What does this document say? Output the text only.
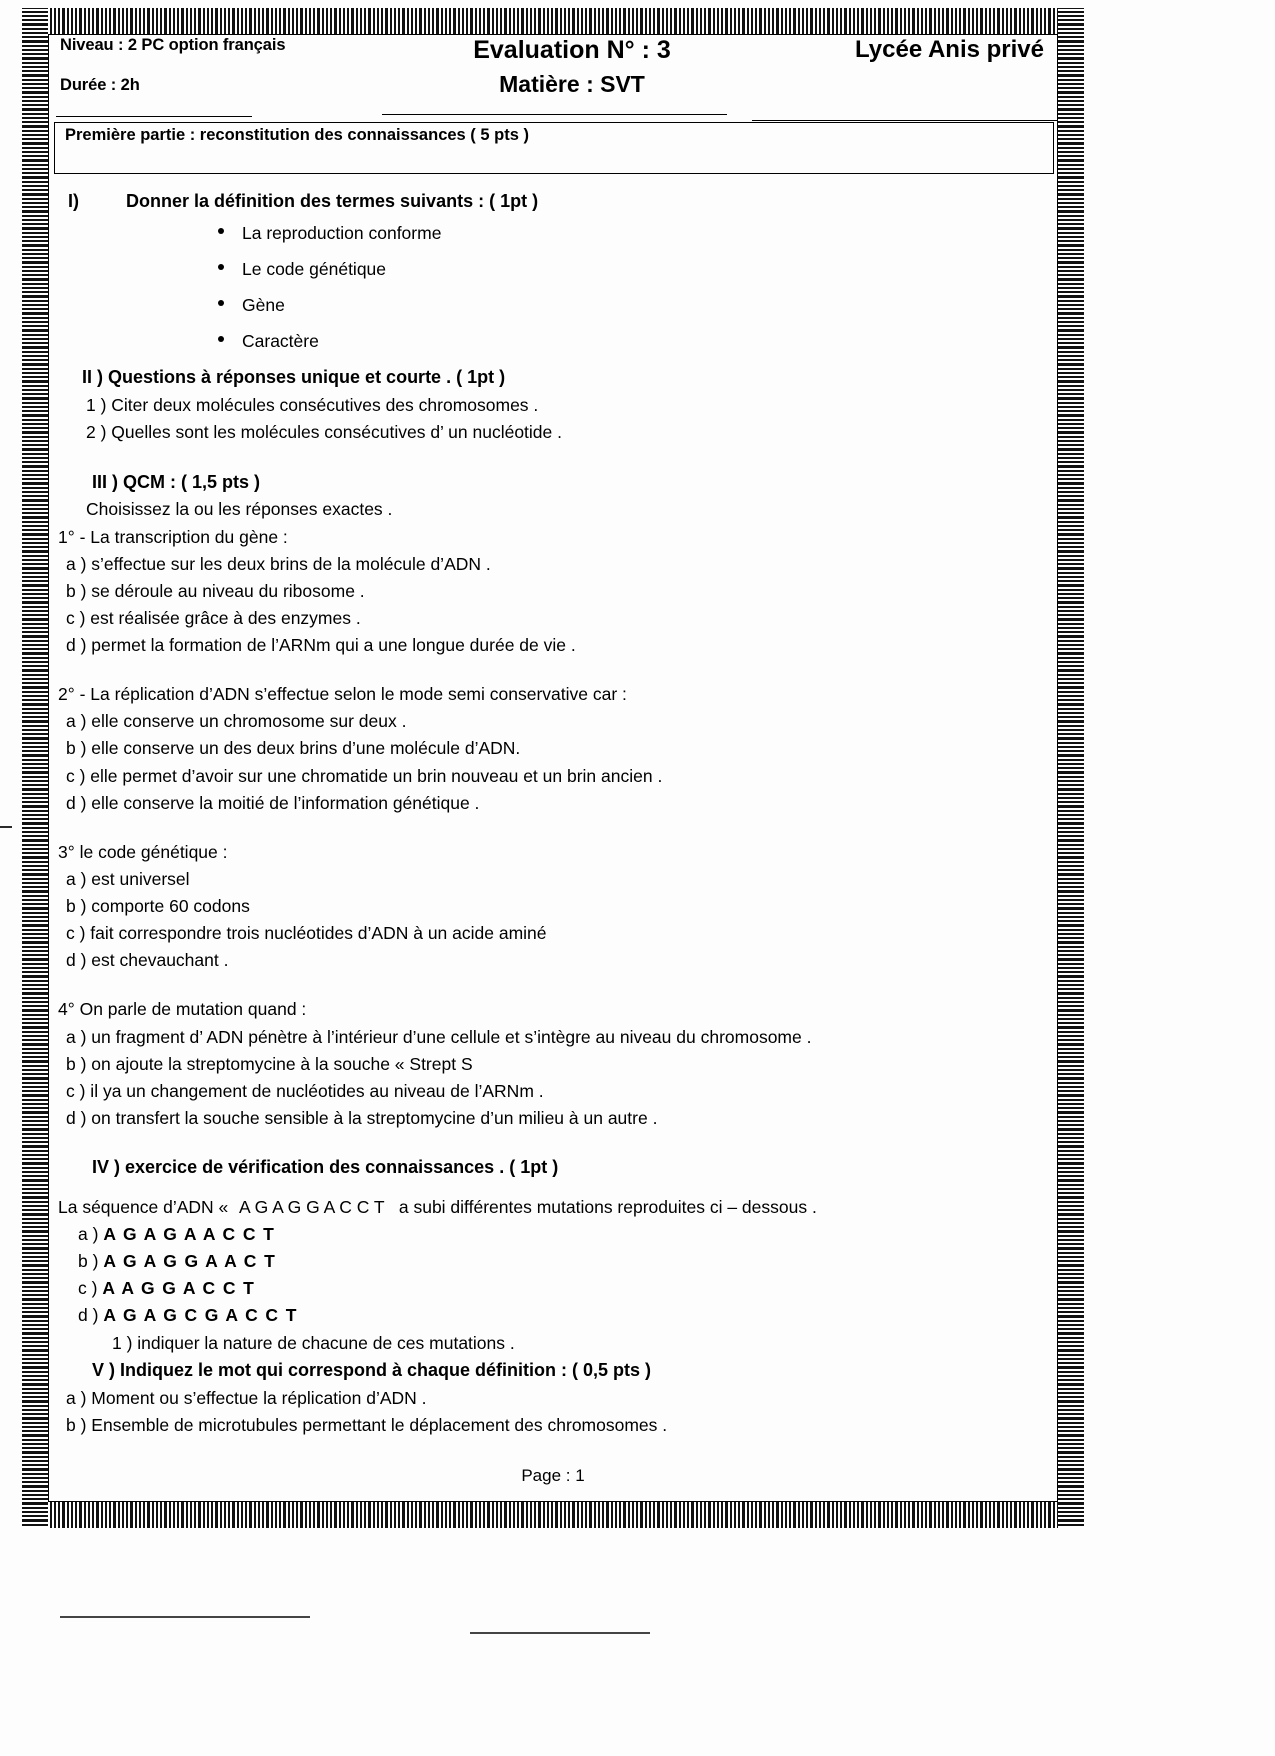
Niveau : 2 PC option français
Durée : 2h
Evaluation N° : 3
Matière : SVT
Lycée Anis privé
Première partie : reconstitution des connaissances ( 5 pts )
I)	Donner la définition des termes suivants : ( 1pt )
La reproduction conforme
Le code génétique
Gène
Caractère
II ) Questions à réponses unique et courte . ( 1pt )
1 ) Citer deux molécules consécutives des chromosomes .
2 ) Quelles sont les molécules consécutives d’ un nucléotide .
III ) QCM : ( 1,5 pts )
Choisissez la ou les réponses exactes .
1° - La transcription du gène :
a ) s’effectue sur les deux brins de la molécule d’ADN .
b ) se déroule au niveau du ribosome .
c ) est réalisée grâce à des enzymes .
d ) permet la formation de l’ARNm qui a une longue durée de vie .
2° - La réplication d’ADN s’effectue selon le mode semi conservative car :
a ) elle conserve un chromosome sur deux .
b ) elle conserve un des deux brins d’une molécule d’ADN.
c ) elle permet d’avoir sur une chromatide un brin nouveau et un brin ancien .
d ) elle conserve la moitié de l’information génétique .
3° le code génétique :
a ) est universel
b ) comporte 60 codons
c ) fait correspondre trois nucléotides d’ADN à un acide aminé
d ) est chevauchant .
4° On parle de mutation quand :
a ) un fragment d’ ADN pénètre à l’intérieur d’une cellule et s’intègre au niveau du chromosome .
b ) on ajoute la streptomycine à la souche « Strept S
c ) il ya un changement de nucléotides au niveau de l’ARNm .
d ) on transfert la souche sensible à la streptomycine d’un milieu à un autre .
IV ) exercice de vérification des connaissances . ( 1pt )
La séquence d’ADN « A G A G G A C C T a subi différentes mutations reproduites ci – dessous .
a ) A G A G A A C C T
b ) A G A G G A A C T
c ) A A G G A C C T
d ) A G A G C G A C C T
1 ) indiquer la nature de chacune de ces mutations .
V ) Indiquez le mot qui correspond à chaque définition : ( 0,5 pts )
a ) Moment ou s’effectue la réplication d’ADN .
b ) Ensemble de microtubules permettant le déplacement des chromosomes .
Page : 1
